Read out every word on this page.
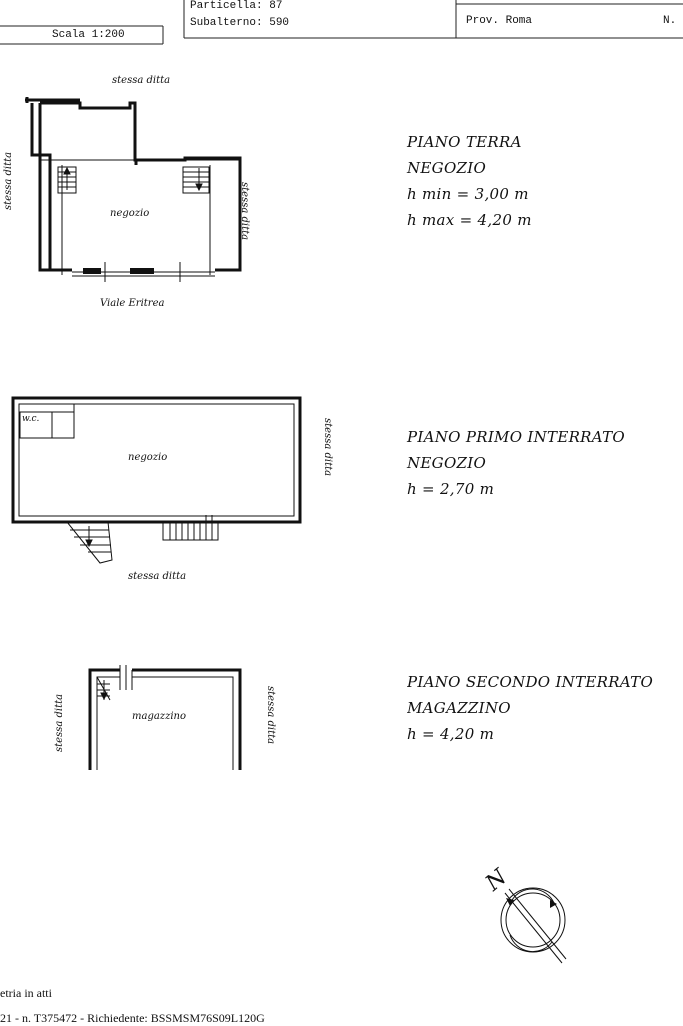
Scala 1:200
Particella: 87
Subalterno: 590	Prov. Roma	N.
stessa ditta
stessa ditta
stessa ditta
negozio
Viale Eritrea
PIANO TERRA
NEGOZIO
h min = 3,00 m
h max = 4,20 m
w.c.
negozio	stessa ditta
stessa ditta
PIANO PRIMO INTERRATO
NEGOZIO
h = 2,70 m
stessa ditta	stessa ditta
magazzino
PIANO SECONDO INTERRATO
MAGAZZINO
h = 4,20 m
N
etria in atti
21 - n. T375472 - Richiedente: BSSMSM76S09L120G
